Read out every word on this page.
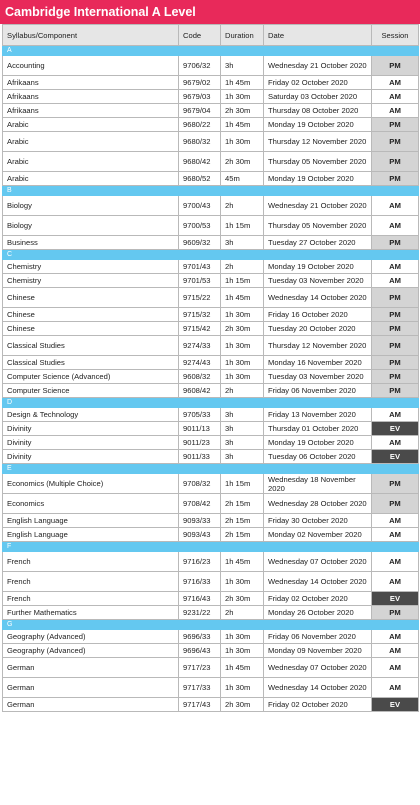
Cambridge International A Level
Syllabus/Component	Code	Duration	Date	Session
A				
Accounting	9706/32	3h	Wednesday 21 October 2020	PM
Afrikaans	9679/02	1h 45m	Friday 02 October 2020	AM
Afrikaans	9679/03	1h 30m	Saturday 03 October 2020	AM
Afrikaans	9679/04	2h 30m	Thursday 08 October 2020	AM
Arabic	9680/22	1h 45m	Monday 19 October 2020	PM
Arabic	9680/32	1h 30m	Thursday 12 November 2020	PM
Arabic	9680/42	2h 30m	Thursday 05 November 2020	PM
Arabic	9680/52	45m	Monday 19 October 2020	PM
B				
Biology	9700/43	2h	Wednesday 21 October 2020	AM
Biology	9700/53	1h 15m	Thursday 05 November 2020	AM
Business	9609/32	3h	Tuesday 27 October 2020	PM
C				
Chemistry	9701/43	2h	Monday 19 October 2020	AM
Chemistry	9701/53	1h 15m	Tuesday 03 November 2020	AM
Chinese	9715/22	1h 45m	Wednesday 14 October 2020	PM
Chinese	9715/32	1h 30m	Friday 16 October 2020	PM
Chinese	9715/42	2h 30m	Tuesday 20 October 2020	PM
Classical Studies	9274/33	1h 30m	Thursday 12 November 2020	PM
Classical Studies	9274/43	1h 30m	Monday 16 November 2020	PM
Computer Science (Advanced)	9608/32	1h 30m	Tuesday 03 November 2020	PM
Computer Science	9608/42	2h	Friday 06 November 2020	PM
D				
Design & Technology	9705/33	3h	Friday 13 November 2020	AM
Divinity	9011/13	3h	Thursday 01 October 2020	EV
Divinity	9011/23	3h	Monday 19 October 2020	AM
Divinity	9011/33	3h	Tuesday 06 October 2020	EV
E				
Economics (Multiple Choice)	9708/32	1h 15m	Wednesday 18 November 2020	PM
Economics	9708/42	2h 15m	Wednesday 28 October 2020	PM
English Language	9093/33	2h 15m	Friday 30 October 2020	AM
English Language	9093/43	2h 15m	Monday 02 November 2020	AM
F				
French	9716/23	1h 45m	Wednesday 07 October 2020	AM
French	9716/33	1h 30m	Wednesday 14 October 2020	AM
French	9716/43	2h 30m	Friday 02 October 2020	EV
Further Mathematics	9231/22	2h	Monday 26 October 2020	PM
G				
Geography (Advanced)	9696/33	1h 30m	Friday 06 November 2020	AM
Geography (Advanced)	9696/43	1h 30m	Monday 09 November 2020	AM
German	9717/23	1h 45m	Wednesday 07 October 2020	AM
German	9717/33	1h 30m	Wednesday 14 October 2020	AM
German	9717/43	2h 30m	Friday 02 October 2020	EV
